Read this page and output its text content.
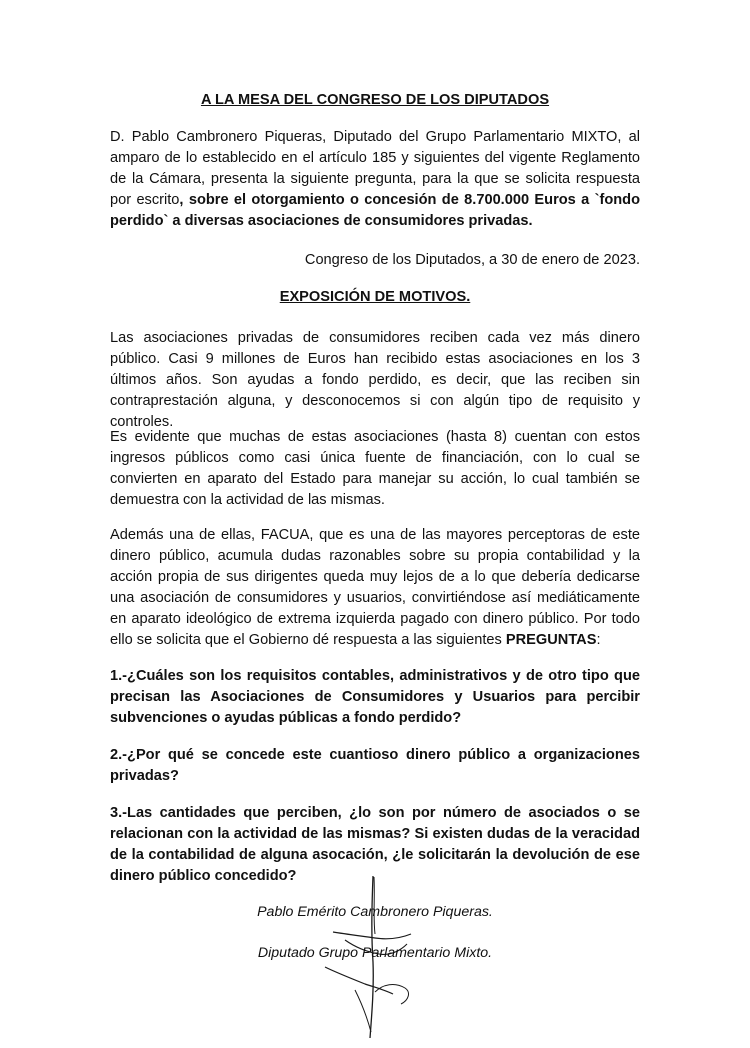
A LA MESA DEL CONGRESO DE LOS DIPUTADOS

D. Pablo Cambronero Piqueras, Diputado del Grupo Parlamentario MIXTO, al amparo de lo establecido en el artículo 185 y siguientes del vigente Reglamento de la Cámara, presenta la siguiente pregunta, para la que se solicita respuesta por escrito, sobre el otorgamiento o concesión de 8.700.000 Euros a `fondo perdido` a diversas asociaciones de consumidores privadas.

Congreso de los Diputados, a 30 de enero de 2023.

EXPOSICIÓN DE MOTIVOS.

Las asociaciones privadas de consumidores reciben cada vez más dinero público. Casi 9 millones de Euros han recibido estas asociaciones en los 3 últimos años. Son ayudas a fondo perdido, es decir, que las reciben sin contraprestación alguna, y desconocemos si con algún tipo de requisito y controles.

Es evidente que muchas de estas asociaciones (hasta 8) cuentan con estos ingresos públicos como casi única fuente de financiación, con lo cual se convierten en aparato del Estado para manejar su acción, lo cual también se demuestra con la actividad de las mismas.

Además una de ellas, FACUA, que es una de las mayores perceptoras de este dinero público, acumula dudas razonables sobre su propia contabilidad y la acción propia de sus dirigentes queda muy lejos de a lo que debería dedicarse una asociación de consumidores y usuarios, convirtiéndose así mediáticamente en aparato ideológico de extrema izquierda pagado con dinero público. Por todo ello se solicita que el Gobierno dé respuesta a las siguientes PREGUNTAS:

1.-¿Cuáles son los requisitos contables, administrativos y de otro tipo que precisan las Asociaciones de Consumidores y Usuarios para percibir subvenciones o ayudas públicas a fondo perdido?

2.-¿Por qué se concede este cuantioso dinero público a organizaciones privadas?

3.-Las cantidades que perciben, ¿lo son por número de asociados o se relacionan con la actividad de las mismas? Si existen dudas de la veracidad de la contabilidad de alguna asocación, ¿le solicitarán la devolución de ese dinero público concedido?

Pablo Emérito Cambronero Piqueras.

Diputado Grupo Parlamentario Mixto.
